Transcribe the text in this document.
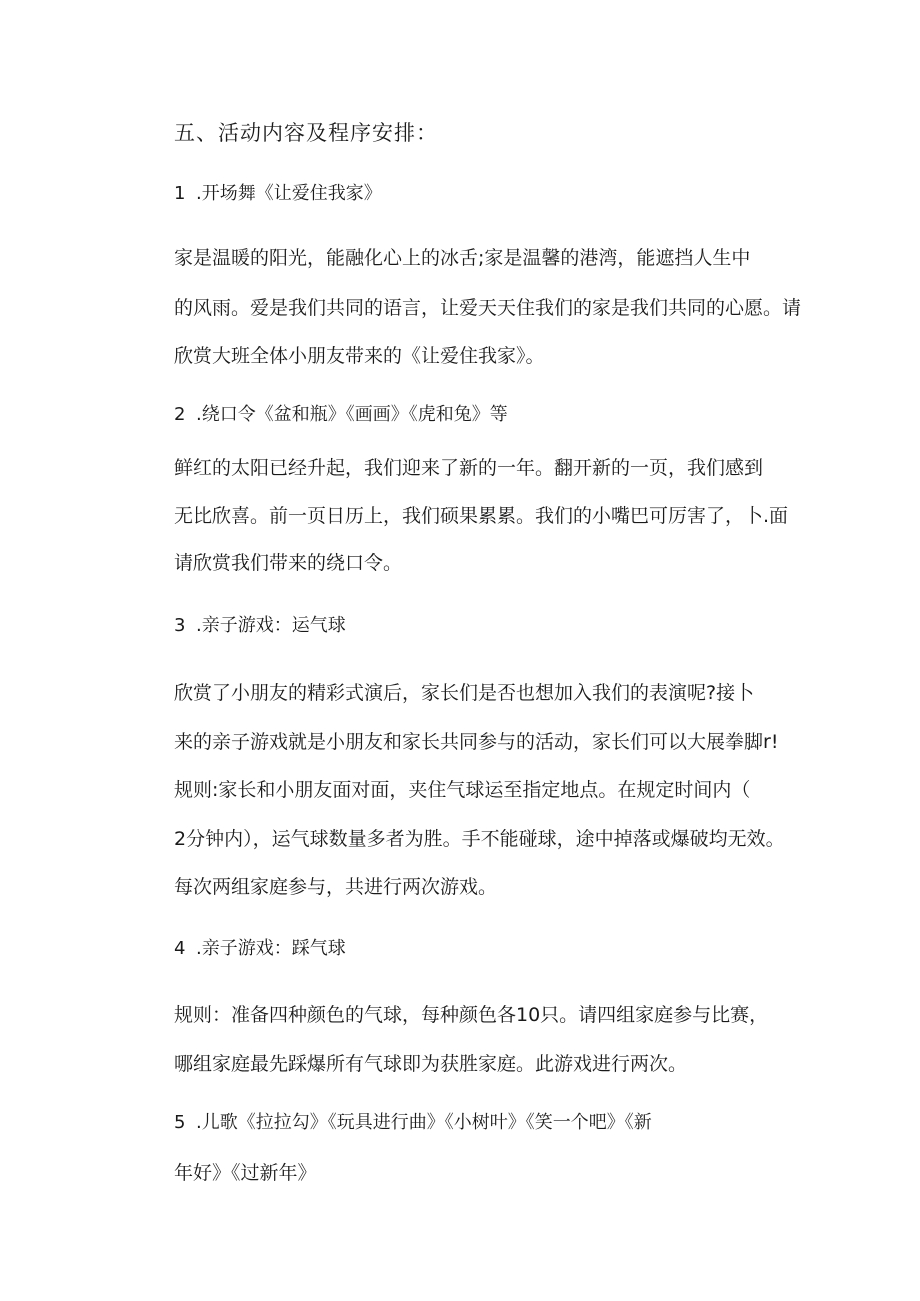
五、活动内容及程序安排：
1 .开场舞《让爱住我家》
家是温暖的阳光，能融化心上的冰舌;家是温馨的港湾，能遮挡人生中
的风雨。爱是我们共同的语言，让爱天天住我们的家是我们共同的心愿。请
欣赏大班全体小朋友带来的《让爱住我家》。
2 .绕口令《盆和瓶》《画画》《虎和兔》等
鲜红的太阳已经升起，我们迎来了新的一年。翻开新的一页，我们感到
无比欣喜。前一页日历上，我们硕果累累。我们的小嘴巴可厉害了，卜.面
请欣赏我们带来的绕口令。
3 .亲子游戏：运气球
欣赏了小朋友的精彩式演后，家长们是否也想加入我们的表演呢?接卜
来的亲子游戏就是小朋友和家长共同参与的活动，家长们可以大展拳脚r!
规则:家长和小朋友面对面，夹住气球运至指定地点。在规定时间内（
2分钟内），运气球数量多者为胜。手不能碰球，途中掉落或爆破均无效。
每次两组家庭参与，共进行两次游戏。
4 .亲子游戏：踩气球
规则：准备四种颜色的气球，每种颜色各10只。请四组家庭参与比赛，
哪组家庭最先踩爆所有气球即为获胜家庭。此游戏进行两次。
5 .儿歌《拉拉勾》《玩具进行曲》《小树叶》《笑一个吧》《新
年好》《过新年》
